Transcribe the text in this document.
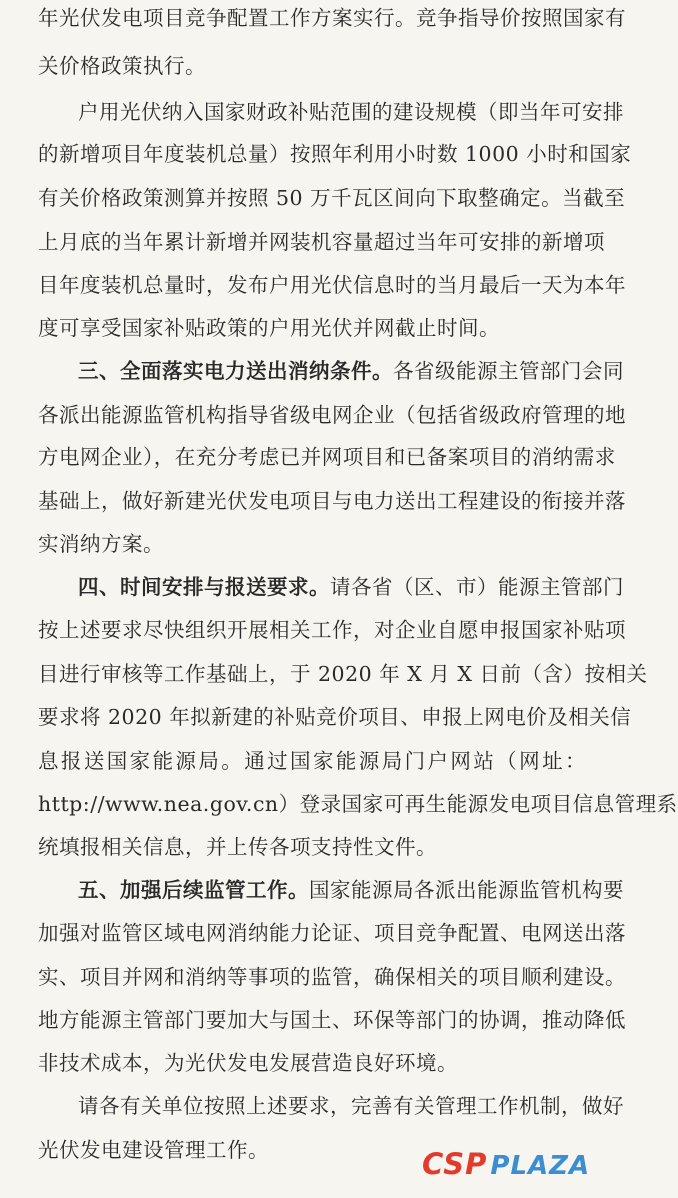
年光伏发电项目竞争配置工作方案实行。竞争指导价按照国家有
关价格政策执行。
户用光伏纳入国家财政补贴范围的建设规模（即当年可安排
的新增项目年度装机总量）按照年利用小时数 1000 小时和国家
有关价格政策测算并按照 50 万千瓦区间向下取整确定。当截至
上月底的当年累计新增并网装机容量超过当年可安排的新增项
目年度装机总量时，发布户用光伏信息时的当月最后一天为本年
度可享受国家补贴政策的户用光伏并网截止时间。
三、全面落实电力送出消纳条件。各省级能源主管部门会同
各派出能源监管机构指导省级电网企业（包括省级政府管理的地
方电网企业），在充分考虑已并网项目和已备案项目的消纳需求
基础上，做好新建光伏发电项目与电力送出工程建设的衔接并落
实消纳方案。
四、时间安排与报送要求。请各省（区、市）能源主管部门
按上述要求尽快组织开展相关工作，对企业自愿申报国家补贴项
目进行审核等工作基础上，于 2020 年 X 月 X 日前（含）按相关
要求将 2020 年拟新建的补贴竞价项目、申报上网电价及相关信
息报送国家能源局。通过国家能源局门户网站（网址：
http://www.nea.gov.cn）登录国家可再生能源发电项目信息管理系
统填报相关信息，并上传各项支持性文件。
五、加强后续监管工作。国家能源局各派出能源监管机构要
加强对监管区域电网消纳能力论证、项目竞争配置、电网送出落
实、项目并网和消纳等事项的监管，确保相关的项目顺利建设。
地方能源主管部门要加大与国土、环保等部门的协调，推动降低
非技术成本，为光伏发电发展营造良好环境。
请各有关单位按照上述要求，完善有关管理工作机制，做好
光伏发电建设管理工作。	CSP PLAZA
